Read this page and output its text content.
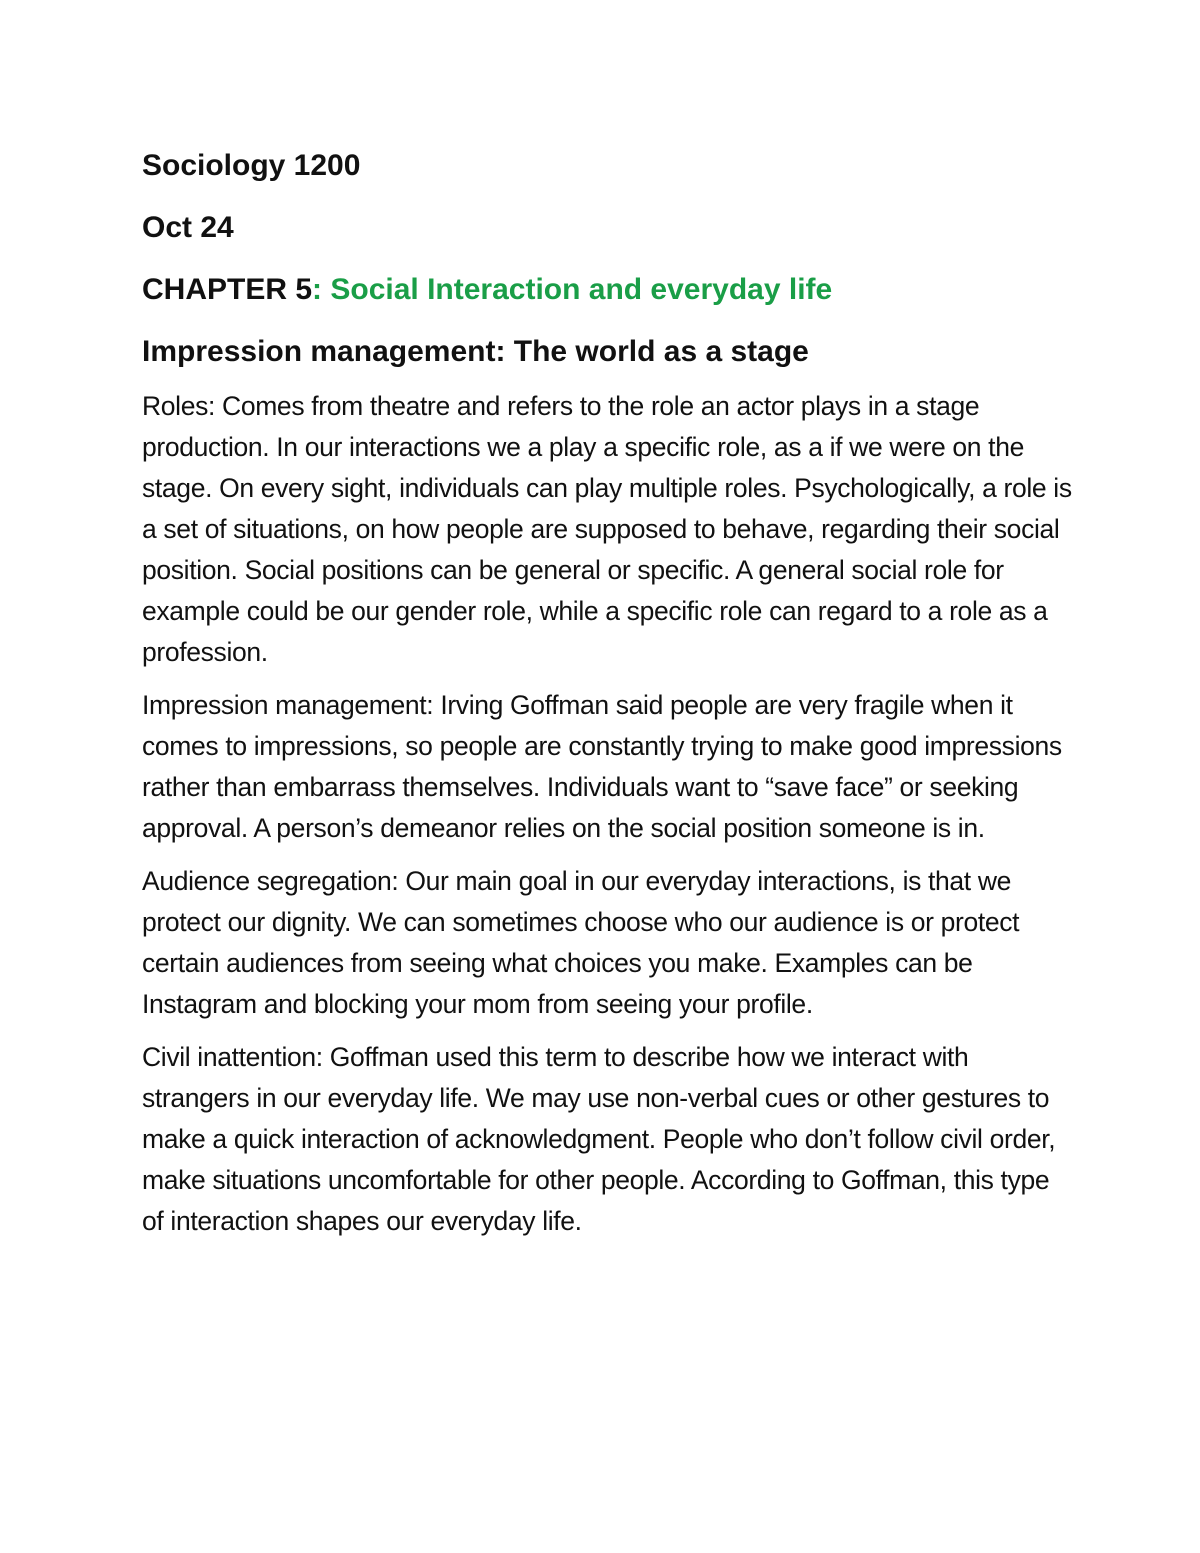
Sociology 1200
Oct 24
CHAPTER 5: Social Interaction and everyday life
Impression management: The world as a stage

Roles: Comes from theatre and refers to the role an actor plays in a stage production. In our interactions we a play a specific role, as a if we were on the stage. On every sight, individuals can play multiple roles. Psychologically, a role is a set of situations, on how people are supposed to behave, regarding their social position. Social positions can be general or specific. A general social role for example could be our gender role, while a specific role can regard to a role as a profession.

Impression management: Irving Goffman said people are very fragile when it comes to impressions, so people are constantly trying to make good impressions rather than embarrass themselves. Individuals want to “save face” or seeking approval. A person’s demeanor relies on the social position someone is in.

Audience segregation: Our main goal in our everyday interactions, is that we protect our dignity. We can sometimes choose who our audience is or protect certain audiences from seeing what choices you make. Examples can be Instagram and blocking your mom from seeing your profile.

Civil inattention: Goffman used this term to describe how we interact with strangers in our everyday life. We may use non-verbal cues or other gestures to make a quick interaction of acknowledgment. People who don’t follow civil order, make situations uncomfortable for other people. According to Goffman, this type of interaction shapes our everyday life.
